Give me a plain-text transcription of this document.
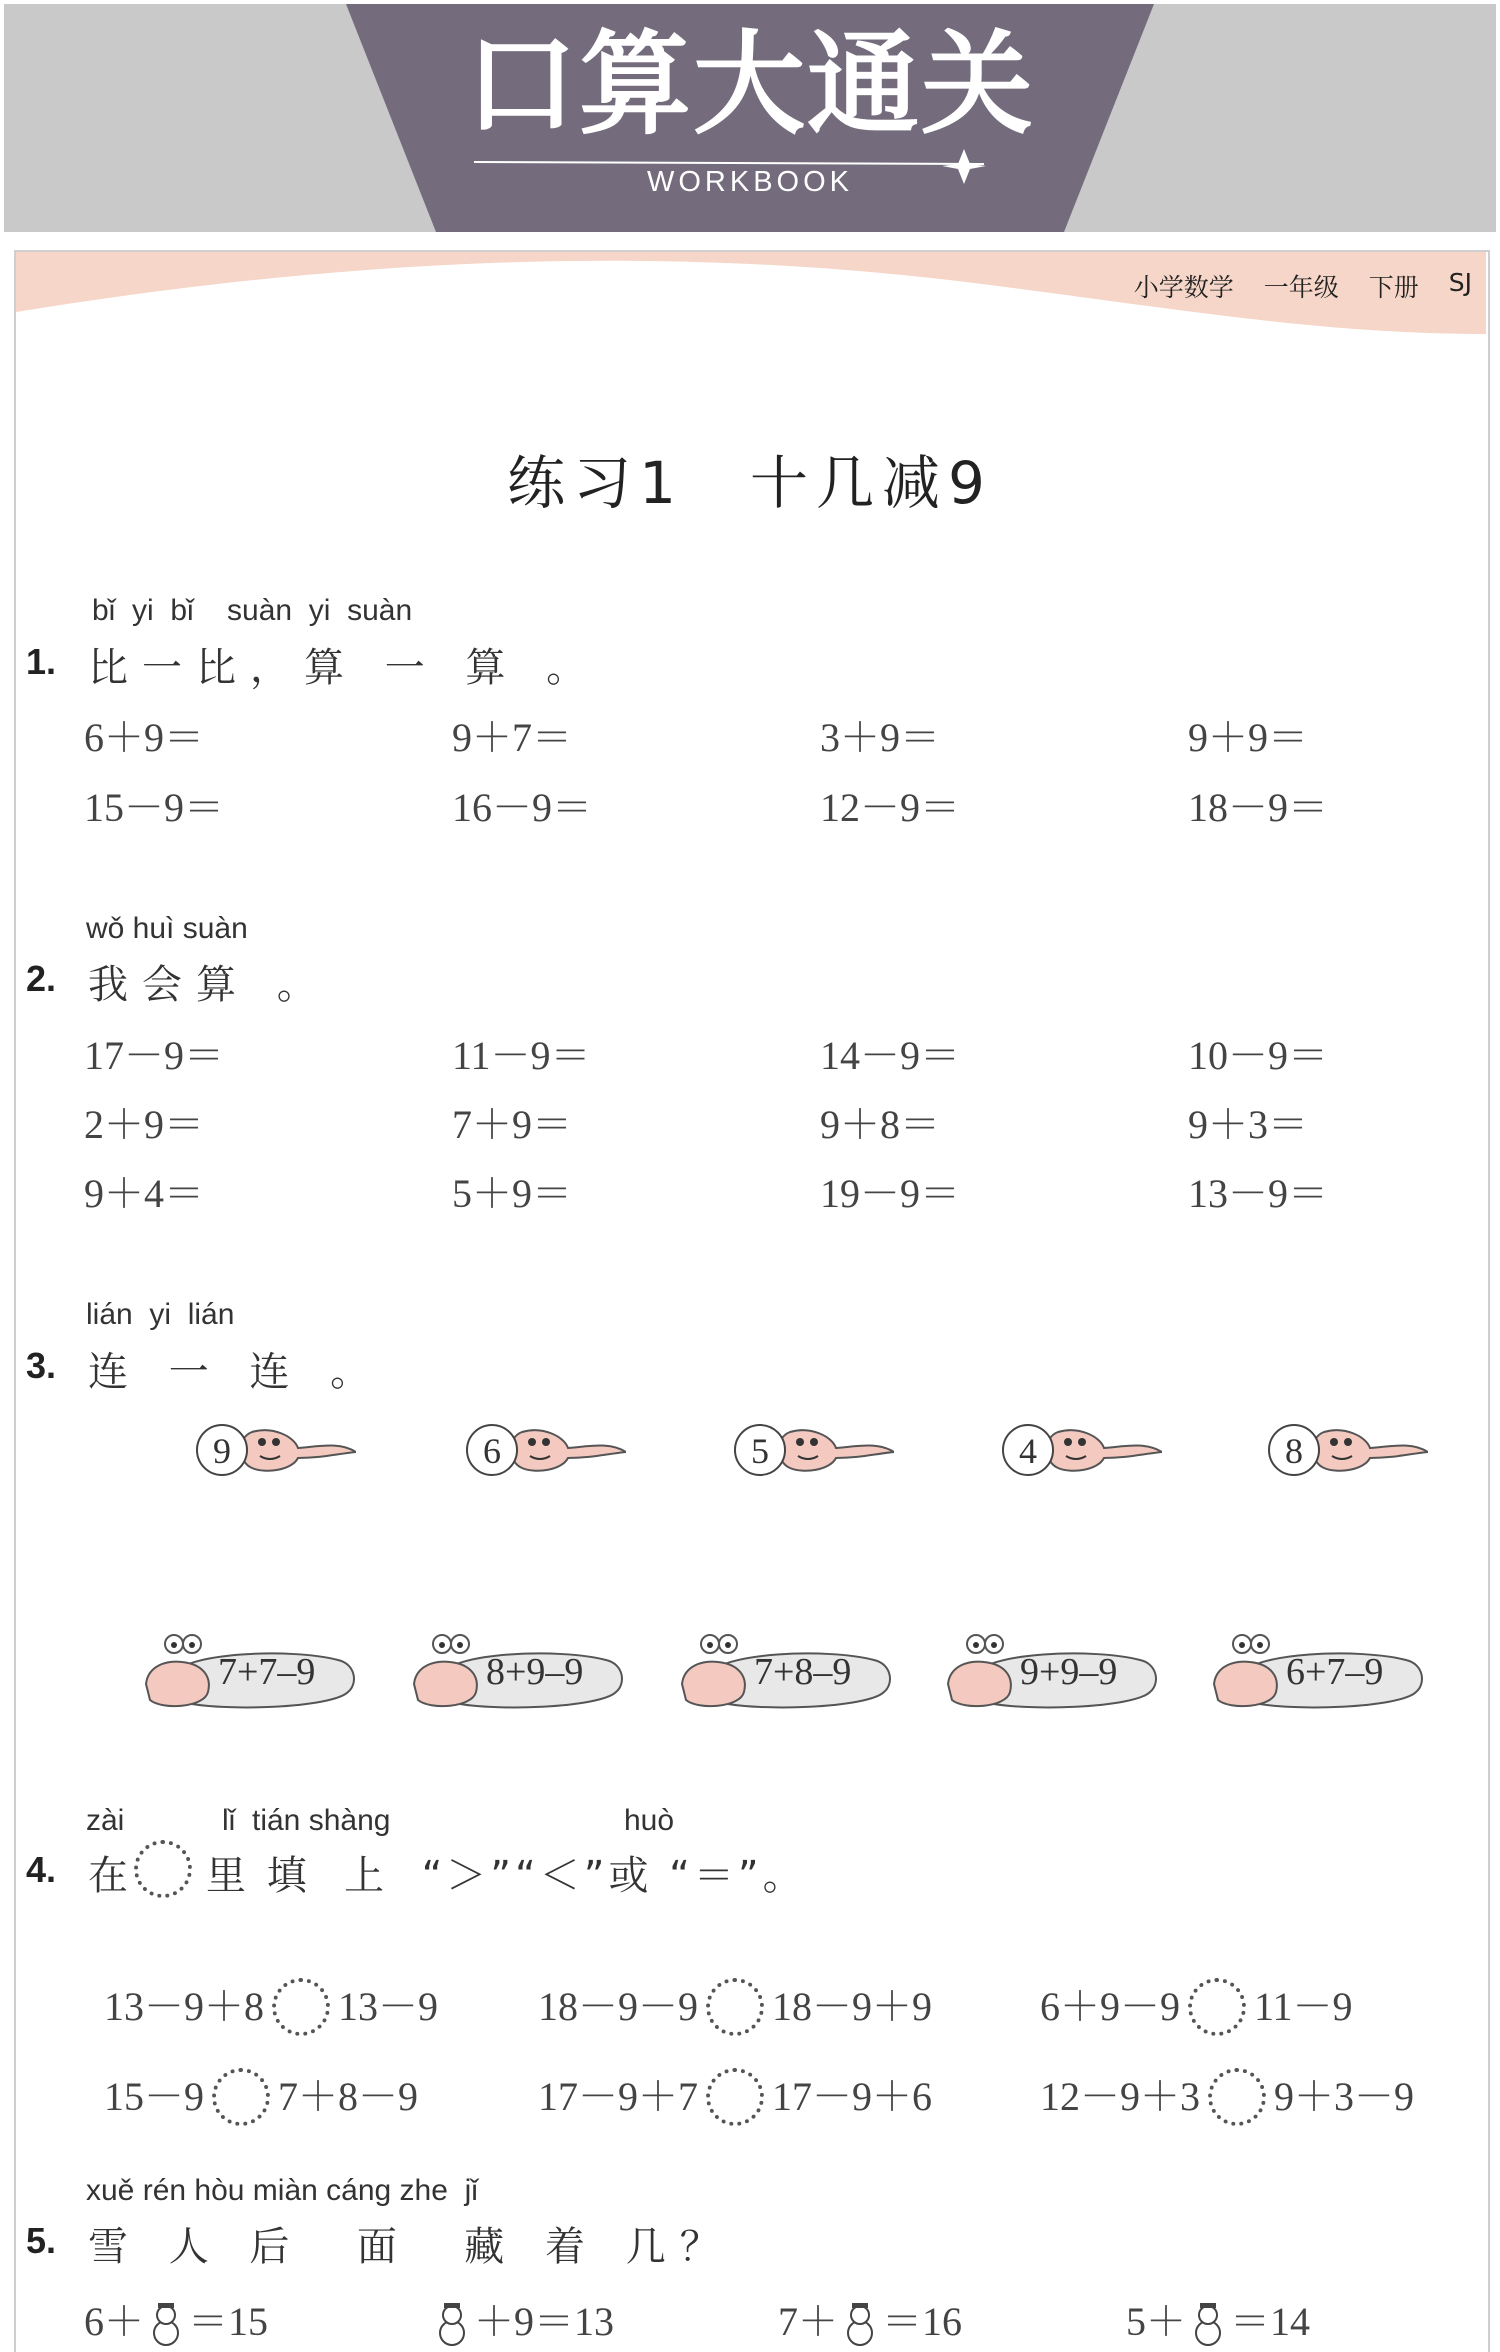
口算大通关
WORKBOOK
小学数学 一年级 下册 SJ
练习1　十几减9
bǐ  yi  bǐ    suàn  yi  suàn
1. 比一比，算 一 算 。
6＋9＝	9＋7＝	3＋9＝	9＋9＝
15－9＝	16－9＝	12－9＝	18－9＝
wǒ huì suàn
2. 我会算 。
17－9＝	11－9＝	14－9＝	10－9＝
2＋9＝	7＋9＝	9＋8＝	9＋3＝
9＋4＝	5＋9＝	19－9＝	13－9＝
lián  yi  lián
3. 连 一 连 。
9	6	5	4	8
7+7–9	8+9–9	7+8–9	9+9–9	6+7–9
zài	lǐ  tián shàng	huò
4. 在 里 填  上  “＞”“＜”或 “＝”。

13－9＋8 13－9	18－9－9 18－9＋9	6＋9－9 11－9

15－9 7＋8－9	17－9＋7 17－9＋6	12－9＋3 9＋3－9

xuě rén hòu miàn cáng zhe  jǐ
5. 雪 人 后  面  藏 着 几？
6＋ ＝15	＋9＝13	7＋ ＝16	5＋ ＝14
